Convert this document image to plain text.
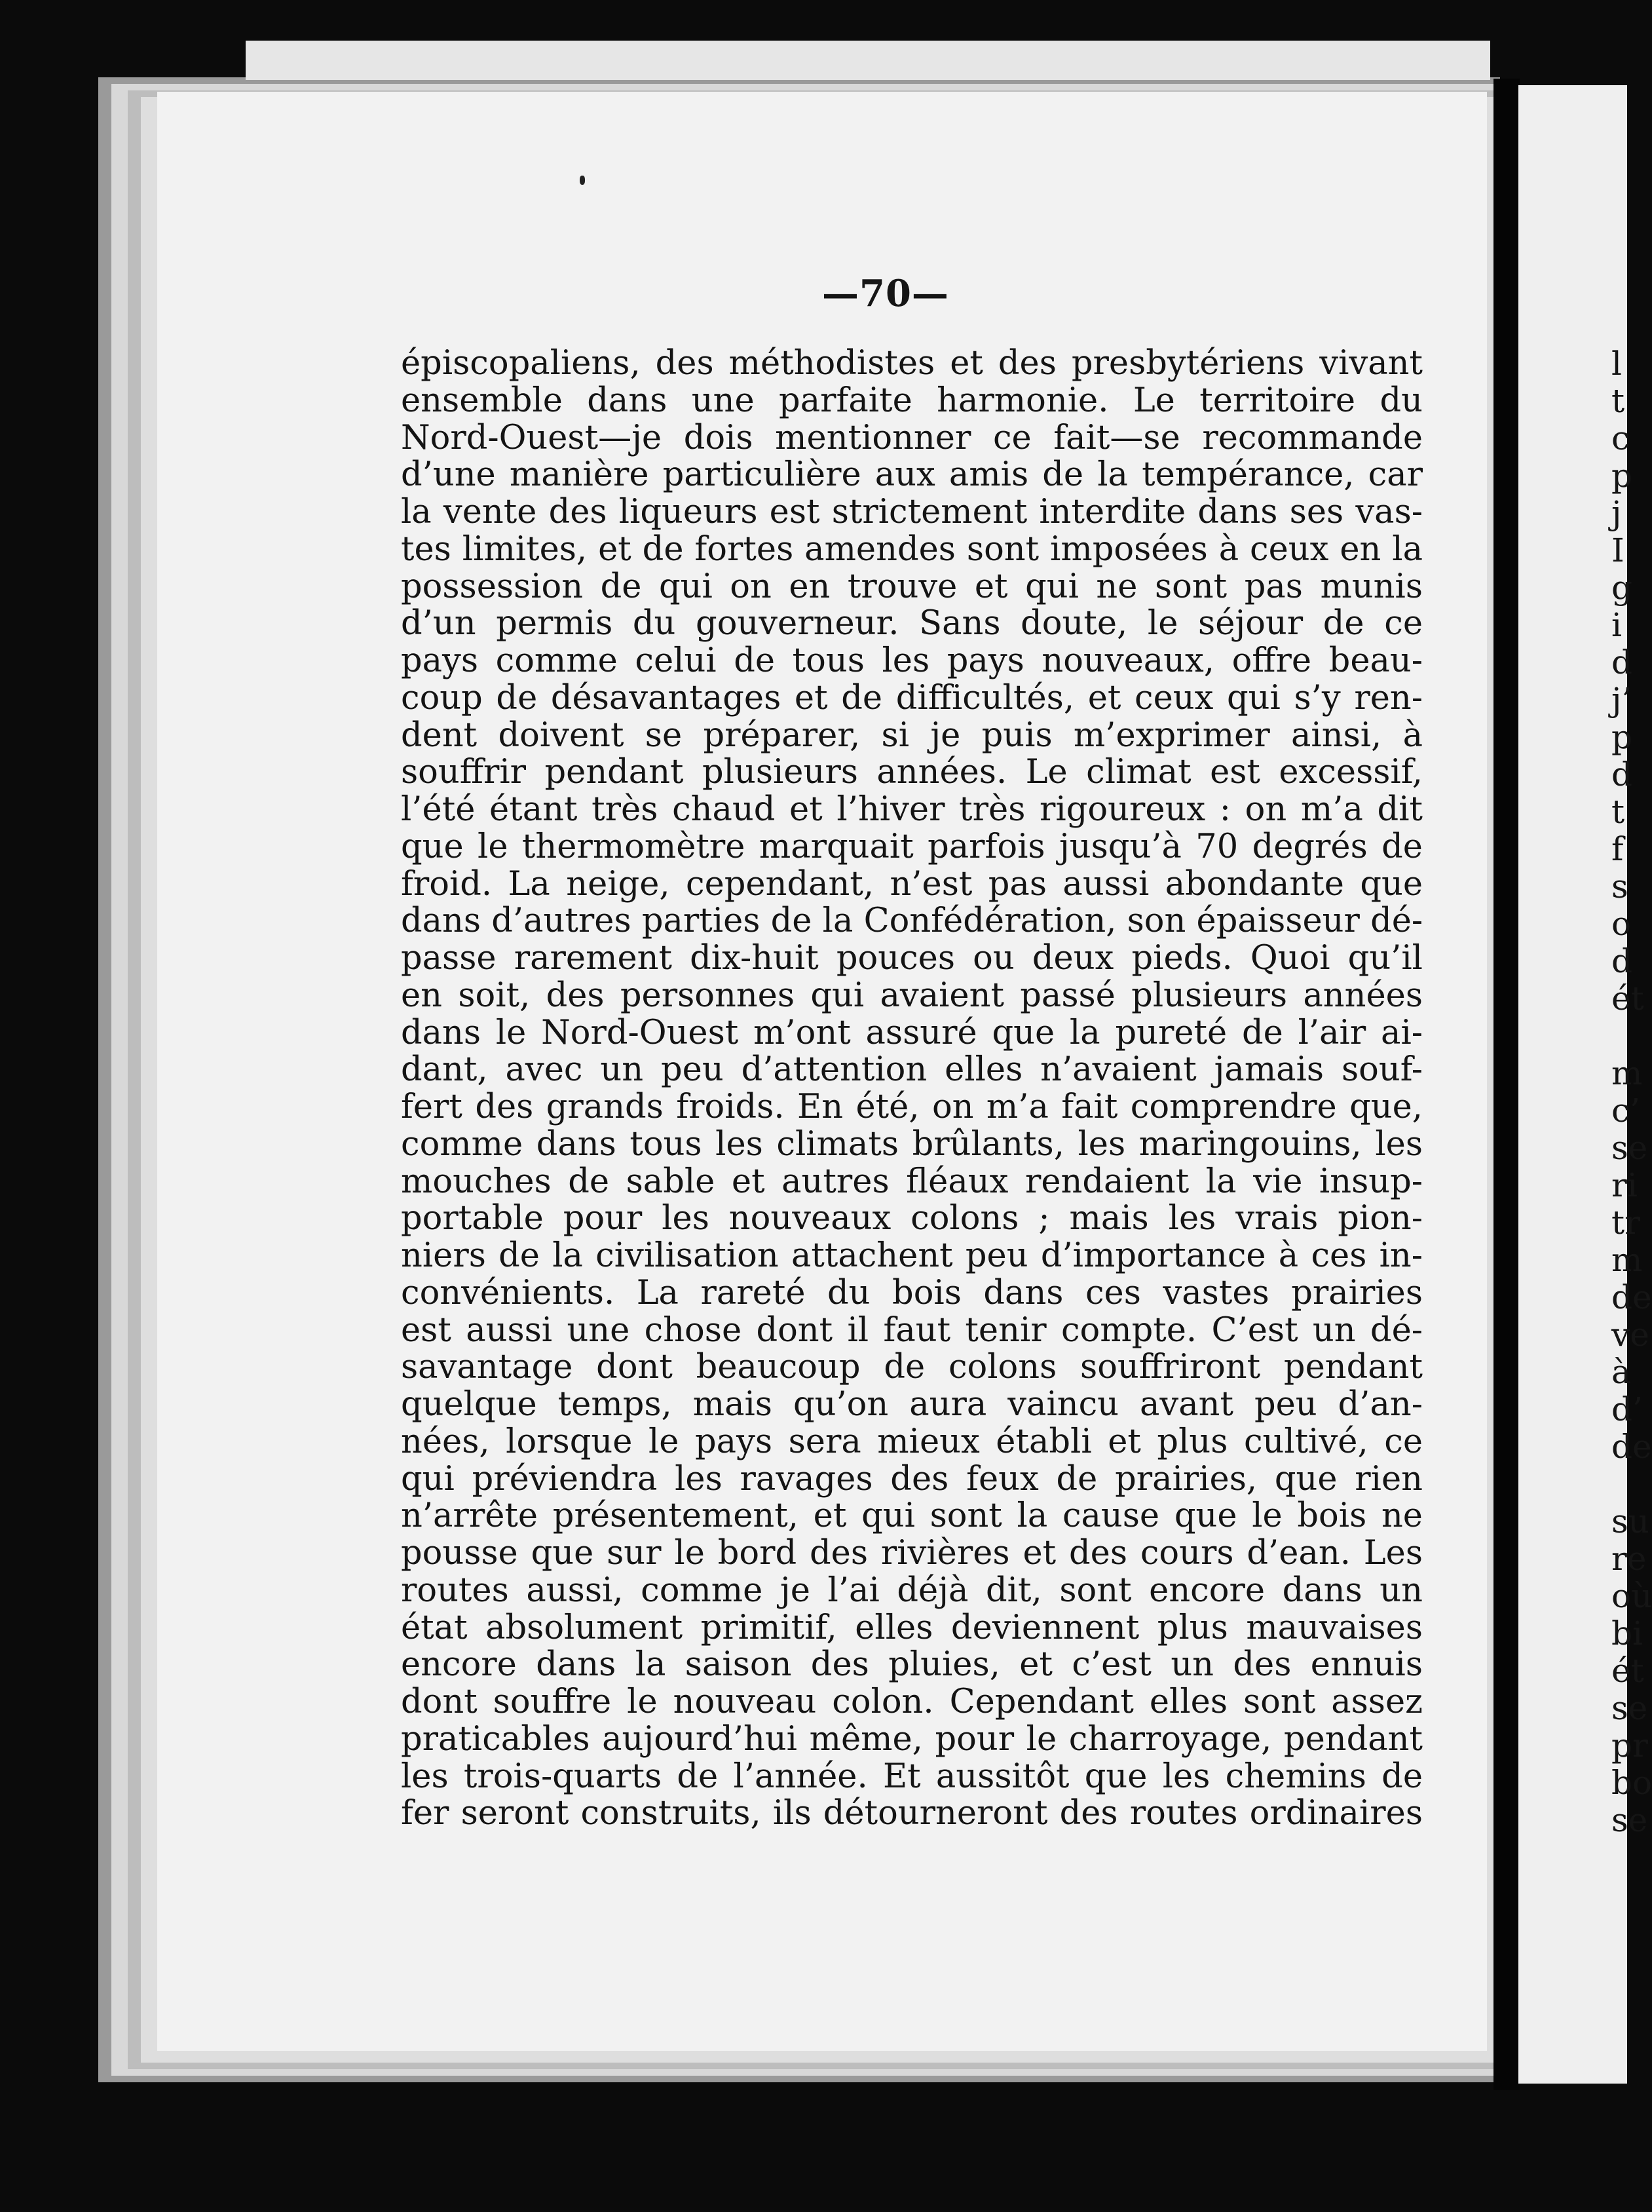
—70—
épiscopaliens, des méthodistes et des presbytériens vivant
ensemble dans une parfaite harmonie. Le territoire du
Nord-Ouest—je dois mentionner ce fait—se recommande
d’une manière particulière aux amis de la tempérance, car
la vente des liqueurs est strictement interdite dans ses vas-
tes limites, et de fortes amendes sont imposées à ceux en la
possession de qui on en trouve et qui ne sont pas munis
d’un permis du gouverneur. Sans doute, le séjour de ce
pays comme celui de tous les pays nouveaux, offre beau-
coup de désavantages et de difficultés, et ceux qui s’y ren-
dent doivent se préparer, si je puis m’exprimer ainsi, à
souffrir pendant plusieurs années. Le climat est excessif,
l’été étant très chaud et l’hiver très rigoureux : on m’a dit
que le thermomètre marquait parfois jusqu’à 70 degrés de
froid. La neige, cependant, n’est pas aussi abondante que
dans d’autres parties de la Confédération, son épaisseur dé-
passe rarement dix-huit pouces ou deux pieds. Quoi qu’il
en soit, des personnes qui avaient passé plusieurs années
dans le Nord-Ouest m’ont assuré que la pureté de l’air ai-
dant, avec un peu d’attention elles n’avaient jamais souf-
fert des grands froids. En été, on m’a fait comprendre que,
comme dans tous les climats brûlants, les maringouins, les
mouches de sable et autres fléaux rendaient la vie insup-
portable pour les nouveaux colons ; mais les vrais pion-
niers de la civilisation attachent peu d’importance à ces in-
convénients. La rareté du bois dans ces vastes prairies
est aussi une chose dont il faut tenir compte. C’est un dé-
savantage dont beaucoup de colons souffriront pendant
quelque temps, mais qu’on aura vaincu avant peu d’an-
nées, lorsque le pays sera mieux établi et plus cultivé, ce
qui préviendra les ravages des feux de prairies, que rien
n’arrête présentement, et qui sont la cause que le bois ne
pousse que sur le bord des rivières et des cours d’ean. Les
routes aussi, comme je l’ai déjà dit, sont encore dans un
état absolument primitif, elles deviennent plus mauvaises
encore dans la saison des pluies, et c’est un des ennuis
dont souffre le nouveau colon. Cependant elles sont assez
praticables aujourd’hui même, pour le charroyage, pendant
les trois-quarts de l’année. Et aussitôt que les chemins de
fer seront construits, ils détourneront des routes ordinaires
l
t
c
p
j
I
g
i
d
j’
p
d
t
f
s
o
d
ét
m
c’
se
ri
tr
m
de
ve
à
d’
de
su
re
où
bi
ét
se
pr
bo
se
